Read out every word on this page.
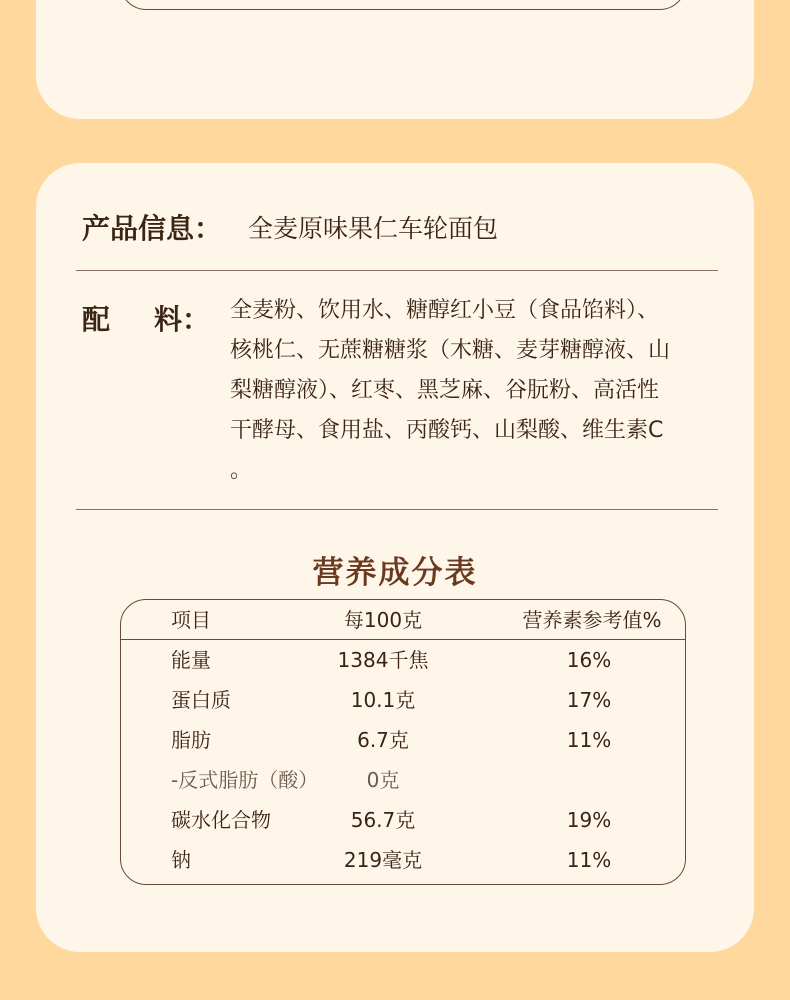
产品信息： 全麦原味果仁车轮面包
配 料： 全麦粉、饮用水、糖醇红小豆（食品馅料）、
核桃仁、无蔗糖糖浆（木糖、麦芽糖醇液、山
梨糖醇液）、红枣、黑芝麻、谷朊粉、高活性
干酵母、食用盐、丙酸钙、山梨酸、维生素C
。
营养成分表
项目	每100克	营养素参考值%
能量	1384千焦	16%
蛋白质	10.1克	17%
脂肪	6.7克	11%
-反式脂肪（酸）	0克
碳水化合物	56.7克	19%
钠	219毫克	11%
